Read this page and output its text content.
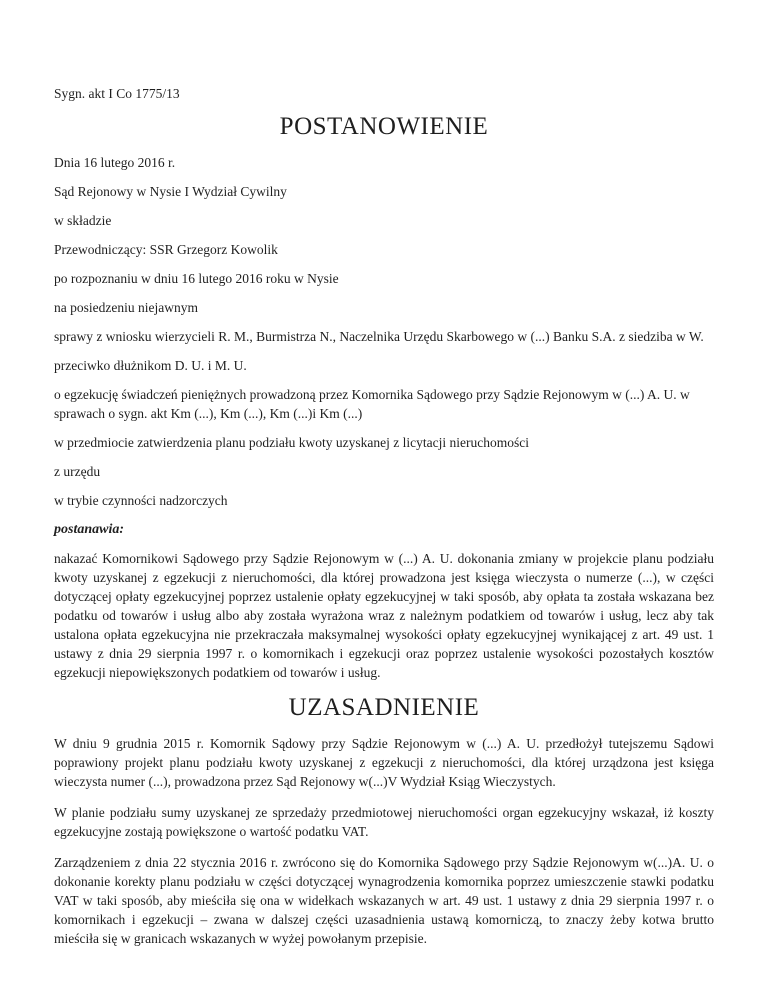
Sygn. akt I Co 1775/13
POSTANOWIENIE

Dnia 16 lutego 2016 r.

Sąd Rejonowy w Nysie I Wydział Cywilny

w składzie

Przewodniczący: SSR Grzegorz Kowolik

po rozpoznaniu w dniu 16 lutego 2016 roku w Nysie

na posiedzeniu niejawnym

sprawy z wniosku wierzycieli R. M., Burmistrza N., Naczelnika Urzędu Skarbowego w (...) Banku S.A. z siedziba w W.

przeciwko dłużnikom D. U. i M. U.

o egzekucję świadczeń pieniężnych prowadzoną przez Komornika Sądowego przy Sądzie Rejonowym w (...) A. U. w sprawach o sygn. akt Km (...), Km (...), Km (...)i Km (...)

w przedmiocie zatwierdzenia planu podziału kwoty uzyskanej z licytacji nieruchomości

z urzędu

w trybie czynności nadzorczych

postanawia:

nakazać Komornikowi Sądowego przy Sądzie Rejonowym w (...) A. U. dokonania zmiany w projekcie planu podziału kwoty uzyskanej z egzekucji z nieruchomości, dla której prowadzona jest księga wieczysta o numerze (...), w części dotyczącej opłaty egzekucyjnej poprzez ustalenie opłaty egzekucyjnej w taki sposób, aby opłata ta została wskazana bez podatku od towarów i usług albo aby została wyrażona wraz z należnym podatkiem od towarów i usług, lecz aby tak ustalona opłata egzekucyjna nie przekraczała maksymalnej wysokości opłaty egzekucyjnej wynikającej z art. 49 ust. 1 ustawy z dnia 29 sierpnia 1997 r. o komornikach i egzekucji oraz poprzez ustalenie wysokości pozostałych kosztów egzekucji niepowiększonych podatkiem od towarów i usług.

UZASADNIENIE

W dniu 9 grudnia 2015 r. Komornik Sądowy przy Sądzie Rejonowym w (...) A. U. przedłożył tutejszemu Sądowi poprawiony projekt planu podziału kwoty uzyskanej z egzekucji z nieruchomości, dla której urządzona jest księga wieczysta numer (...), prowadzona przez Sąd Rejonowy w(...)V Wydział Ksiąg Wieczystych.

W planie podziału sumy uzyskanej ze sprzedaży przedmiotowej nieruchomości organ egzekucyjny wskazał, iż koszty egzekucyjne zostają powiększone o wartość podatku VAT.

Zarządzeniem z dnia 22 stycznia 2016 r. zwrócono się do Komornika Sądowego przy Sądzie Rejonowym w(...)A. U. o dokonanie korekty planu podziału w części dotyczącej wynagrodzenia komornika poprzez umieszczenie stawki podatku VAT w taki sposób, aby mieściła się ona w widełkach wskazanych w art. 49 ust. 1 ustawy z dnia 29 sierpnia 1997 r. o komornikach i egzekucji – zwana w dalszej części uzasadnienia ustawą komorniczą, to znaczy żeby kotwa brutto mieściła się w granicach wskazanych w wyżej powołanym przepisie.
